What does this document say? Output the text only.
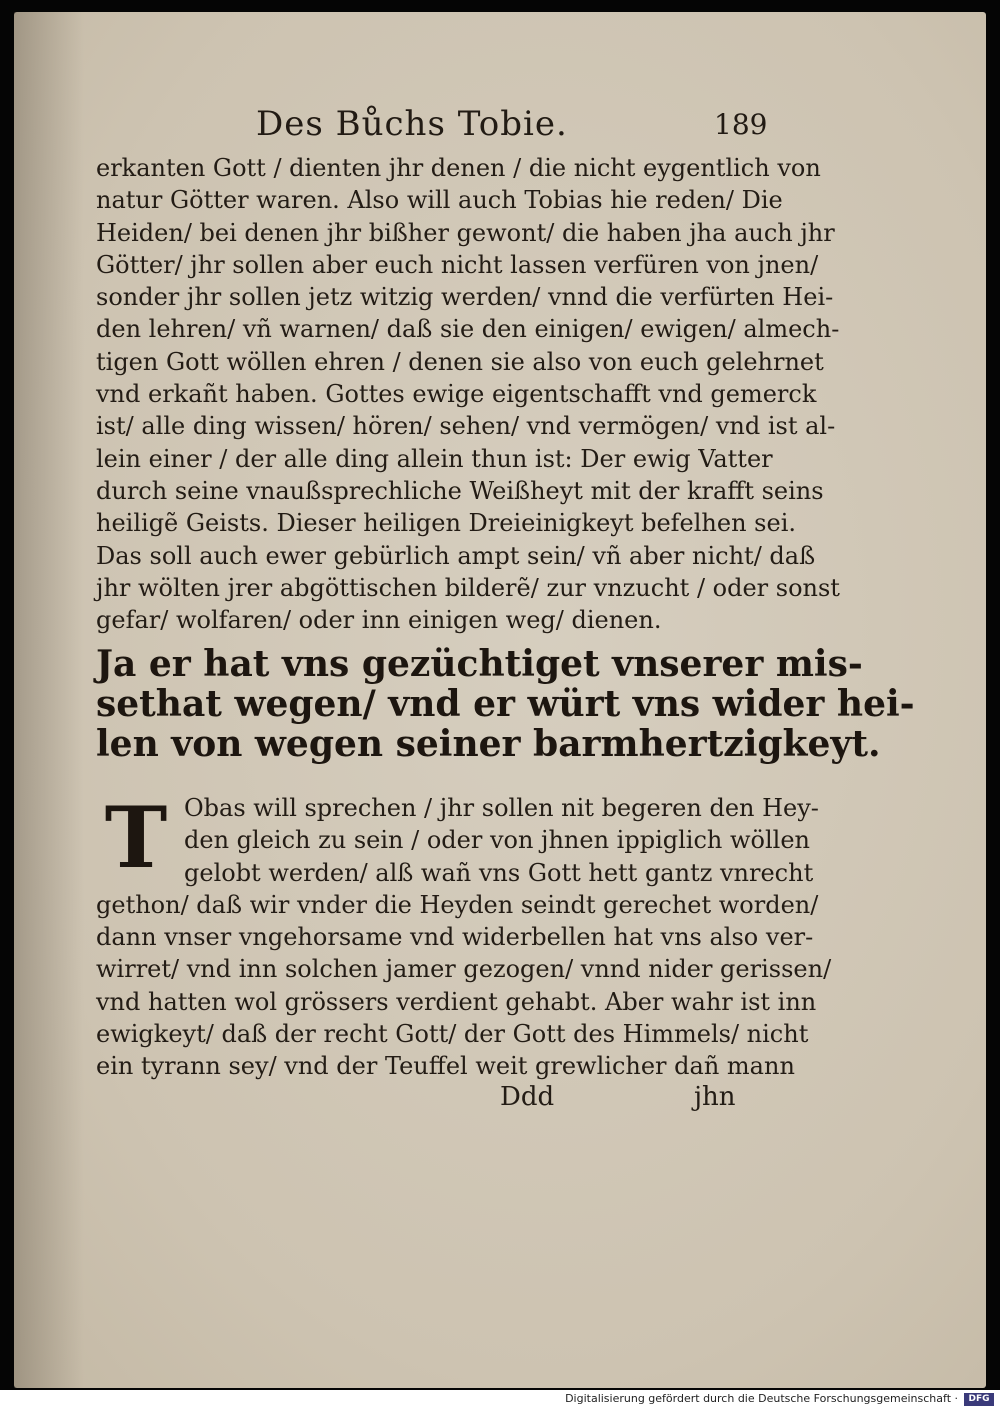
Des Bůchs Tobie.	189
erkanten Gott / dienten jhr denen / die nicht eygentlich von
natur Götter waren. Also will auch Tobias hie reden/ Die
Heiden/ bei denen jhr bißher gewont/ die haben jha auch jhr
Götter/ jhr sollen aber euch nicht lassen verfüren von jnen/
sonder jhr sollen jetz witzig werden/ vnnd die verfürten Hei-
den lehren/ vñ warnen/ daß sie den einigen/ ewigen/ almech-
tigen Gott wöllen ehren / denen sie also von euch gelehrnet
vnd erkañt haben. Gottes ewige eigentschafft vnd gemerck
ist/ alle ding wissen/ hören/ sehen/ vnd vermögen/ vnd ist al-
lein einer / der alle ding allein thun ist: Der ewig Vatter
durch seine vnaußsprechliche Weißheyt mit der krafft seins
heiligẽ Geists. Dieser heiligen Dreieinigkeyt befelhen sei.
Das soll auch ewer gebürlich ampt sein/ vñ aber nicht/ daß
jhr wölten jrer abgöttischen bilderẽ/ zur vnzucht / oder sonst
gefar/ wolfaren/ oder inn einigen weg/ dienen.
Ja er hat vns gezüchtiget vnserer mis-
sethat wegen/ vnd er würt vns wider hei-
len von wegen seiner barmhertzigkeyt.
T Obas will sprechen / jhr sollen nit begeren den Hey-
den gleich zu sein / oder von jhnen ippiglich wöllen
gelobt werden/ alß wañ vns Gott hett gantz vnrecht
gethon/ daß wir vnder die Heyden seindt gerechet worden/
dann vnser vngehorsame vnd widerbellen hat vns also ver-
wirret/ vnd inn solchen jamer gezogen/ vnnd nider gerissen/
vnd hatten wol grössers verdient gehabt. Aber wahr ist inn
ewigkeyt/ daß der recht Gott/ der Gott des Himmels/ nicht
ein tyrann sey/ vnd der Teuffel weit grewlicher dañ mann
Ddd	jhn
Digitalisierung gefördert durch die Deutsche Forschungsgemeinschaft ·	DFG
